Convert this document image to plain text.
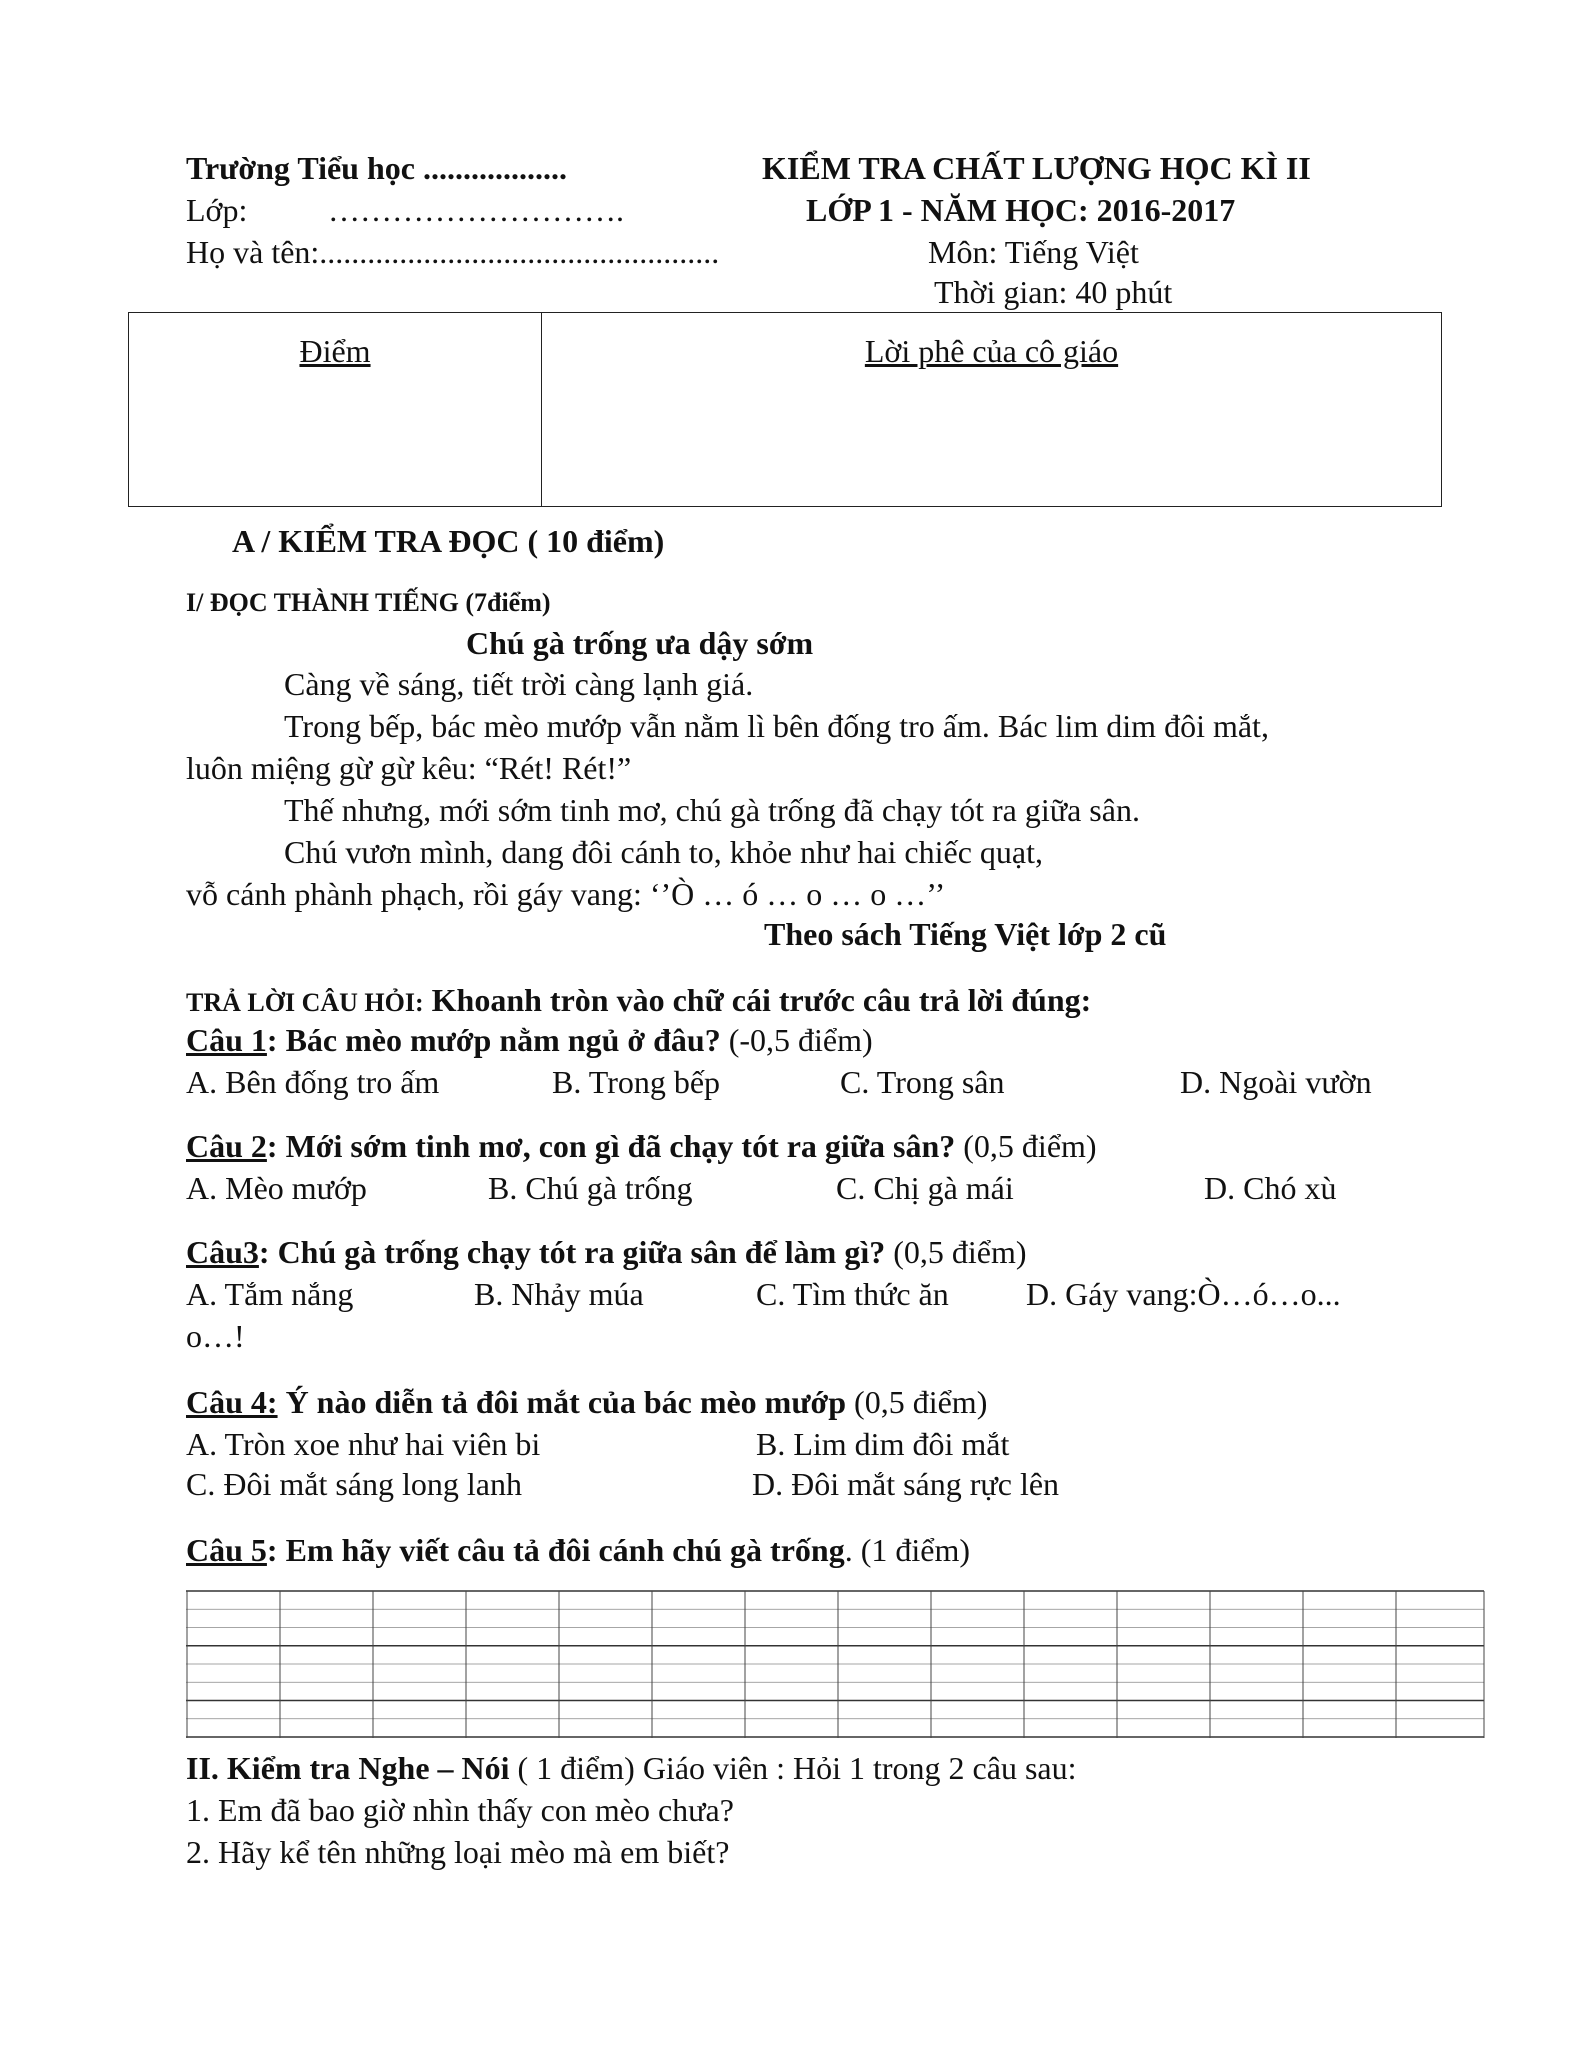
Trường Tiểu học ..................
Lớp:	……………………….
Họ và tên:..................................................
KIỂM TRA CHẤT LƯỢNG HỌC KÌ II
LỚP 1 - NĂM HỌC: 2016-2017
Môn: Tiếng Việt
Thời gian: 40 phút
Điểm	Lời phê của cô giáo
A / KIỂM TRA ĐỌC ( 10 điểm)
I/ ĐỌC THÀNH TIẾNG (7điểm)
Chú gà trống ưa dậy sớm
Càng về sáng, tiết trời càng lạnh giá.
Trong bếp, bác mèo mướp vẫn nằm lì bên đống tro ấm. Bác lim dim đôi mắt,
luôn miệng gừ gừ kêu: “Rét! Rét!”
Thế nhưng, mới sớm tinh mơ, chú gà trống đã chạy tót ra giữa sân.
Chú vươn mình, dang đôi cánh to, khỏe như hai chiếc quạt,
vỗ cánh phành phạch, rồi gáy vang: ‘’Ò … ó … o … o …’’
Theo sách Tiếng Việt lớp 2 cũ
TRẢ LỜI CÂU HỎI: Khoanh tròn vào chữ cái trước câu trả lời đúng:
Câu 1: Bác mèo mướp nằm ngủ ở đâu? (-0,5 điểm)
A. Bên đống tro ấm	B. Trong bếp	C. Trong sân	D. Ngoài vườn
Câu 2: Mới sớm tinh mơ, con gì đã chạy tót ra giữa sân? (0,5 điểm)
A. Mèo mướp	B. Chú gà trống	C. Chị gà mái	D. Chó xù
Câu3: Chú gà trống chạy tót ra giữa sân để làm gì? (0,5 điểm)
A. Tắm nắng	B. Nhảy múa	C. Tìm thức ăn D. Gáy vang:Ò…ó…o...
o…!
Câu 4: Ý nào diễn tả đôi mắt của bác mèo mướp (0,5 điểm)
A. Tròn xoe như hai viên bi	B. Lim dim đôi mắt
C. Đôi mắt sáng long lanh	D. Đôi mắt sáng rực lên
Câu 5: Em hãy viết câu tả đôi cánh chú gà trống. (1 điểm)
II. Kiểm tra Nghe – Nói ( 1 điểm) Giáo viên : Hỏi 1 trong 2 câu sau:
1. Em đã bao giờ nhìn thấy con mèo chưa?
2. Hãy kể tên những loại mèo mà em biết?
